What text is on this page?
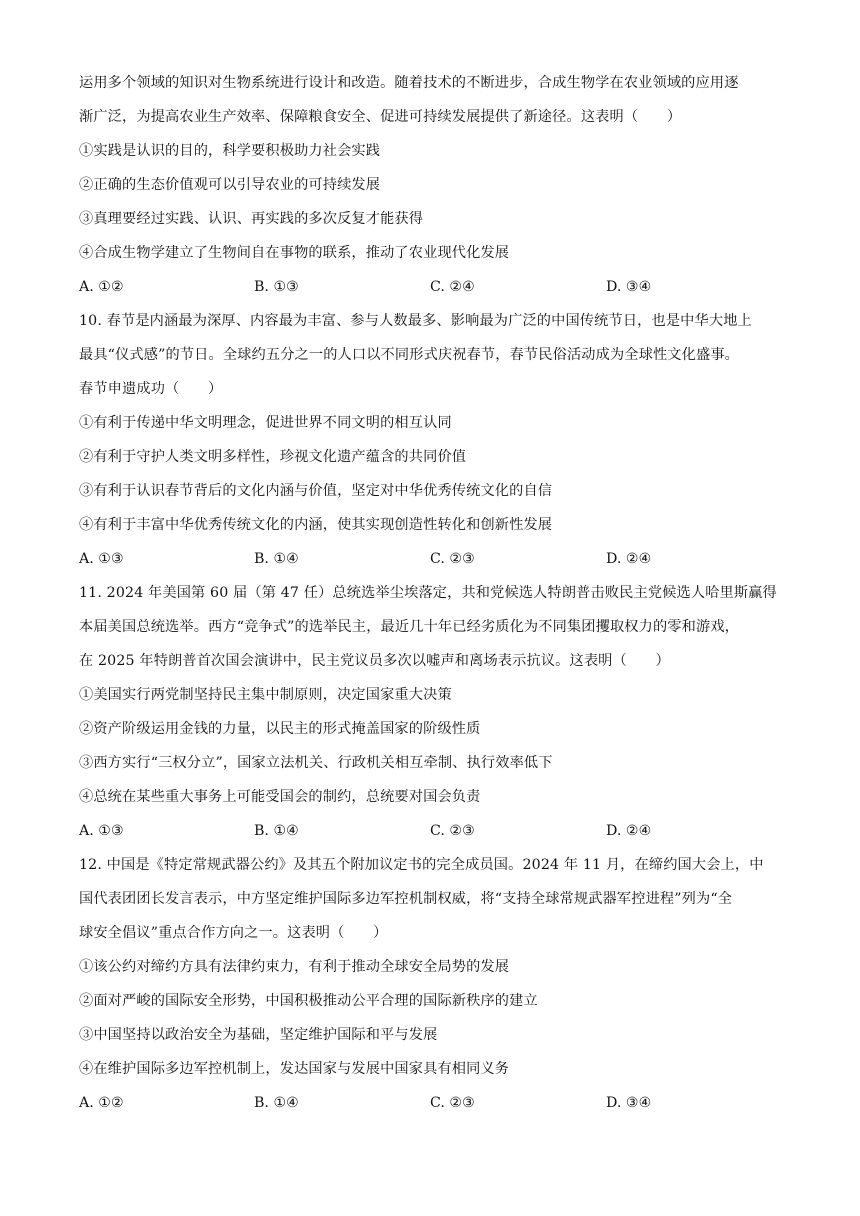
运用多个领域的知识对生物系统进行设计和改造。随着技术的不断进步，合成生物学在农业领域的应用逐
渐广泛，为提高农业生产效率、保障粮食安全、促进可持续发展提供了新途径。这表明（　　）
①实践是认识的目的，科学要积极助力社会实践
②正确的生态价值观可以引导农业的可持续发展
③真理要经过实践、认识、再实践的多次反复才能获得
④合成生物学建立了生物间自在事物的联系，推动了农业现代化发展
A. ①②	B. ①③	C. ②④	D. ③④
10. 春节是内涵最为深厚、内容最为丰富、参与人数最多、影响最为广泛的中国传统节日，也是中华大地上
最具“仪式感”的节日。全球约五分之一的人口以不同形式庆祝春节，春节民俗活动成为全球性文化盛事。
春节申遗成功（　　）
①有利于传递中华文明理念，促进世界不同文明的相互认同
②有利于守护人类文明多样性，珍视文化遗产蕴含的共同价值
③有利于认识春节背后的文化内涵与价值，坚定对中华优秀传统文化的自信
④有利于丰富中华优秀传统文化的内涵，使其实现创造性转化和创新性发展
A. ①③	B. ①④	C. ②③	D. ②④
11. 2024 年美国第 60 届（第 47 任）总统选举尘埃落定，共和党候选人特朗普击败民主党候选人哈里斯赢得
本届美国总统选举。西方“竞争式”的选举民主，最近几十年已经劣质化为不同集团攫取权力的零和游戏，
在 2025 年特朗普首次国会演讲中，民主党议员多次以嘘声和离场表示抗议。这表明（　　）
①美国实行两党制坚持民主集中制原则，决定国家重大决策
②资产阶级运用金钱的力量，以民主的形式掩盖国家的阶级性质
③西方实行“三权分立”，国家立法机关、行政机关相互牵制、执行效率低下
④总统在某些重大事务上可能受国会的制约，总统要对国会负责
A. ①③	B. ①④	C. ②③	D. ②④
12. 中国是《特定常规武器公约》及其五个附加议定书的完全成员国。2024 年 11 月，在缔约国大会上，中
国代表团团长发言表示，中方坚定维护国际多边军控机制权威，将“支持全球常规武器军控进程”列为“全
球安全倡议”重点合作方向之一。这表明（　　）
①该公约对缔约方具有法律约束力，有利于推动全球安全局势的发展
②面对严峻的国际安全形势，中国积极推动公平合理的国际新秩序的建立
③中国坚持以政治安全为基础，坚定维护国际和平与发展
④在维护国际多边军控机制上，发达国家与发展中国家具有相同义务
A. ①②	B. ①④	C. ②③	D. ③④
